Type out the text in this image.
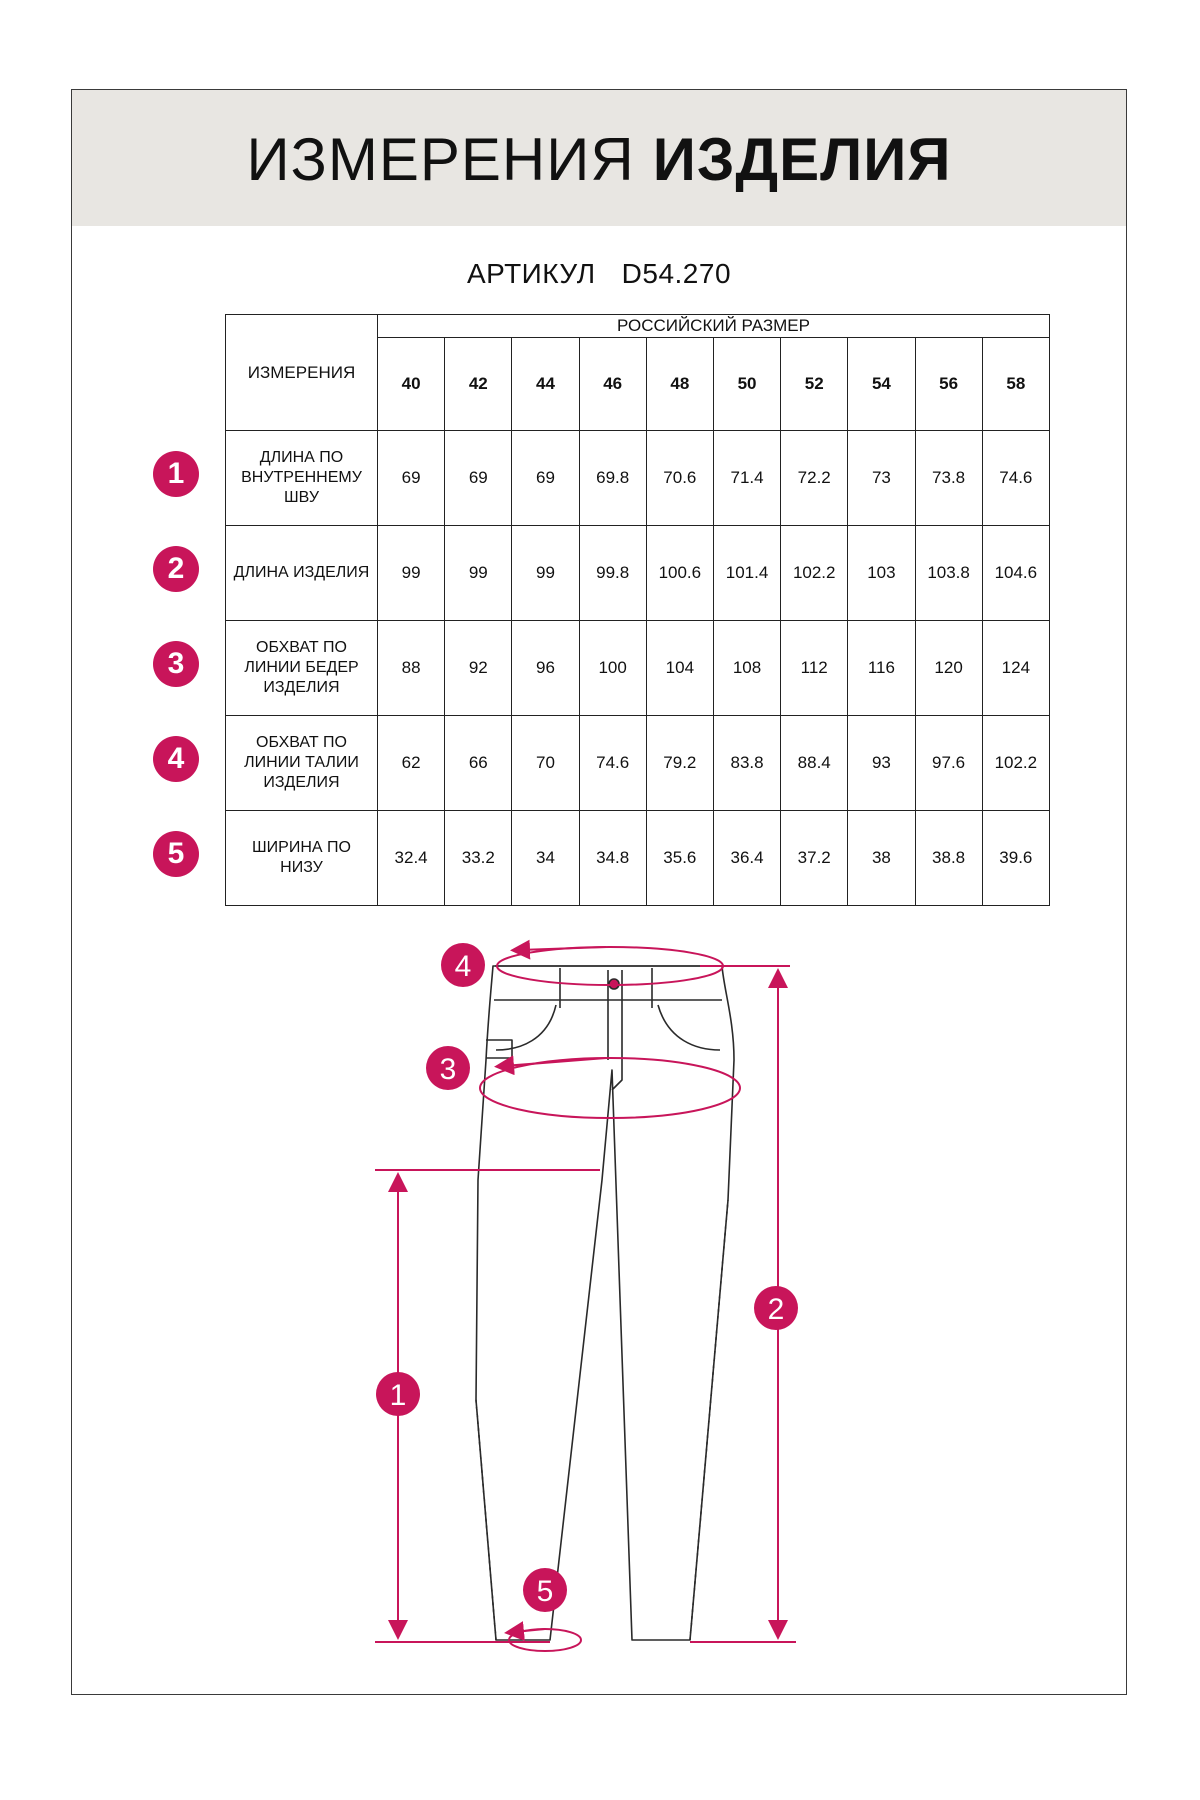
ИЗМЕРЕНИЯ ИЗДЕЛИЯ
АРТИКУЛ D54.270
ИЗМЕРЕНИЯ	РОССИЙСКИЙ РАЗМЕР									
	40	42	44	46	48	50	52	54	56	58
ДЛИНА ПО ВНУТРЕННЕМУ ШВУ	69	69	69	69.8	70.6	71.4	72.2	73	73.8	74.6
ДЛИНА ИЗДЕЛИЯ	99	99	99	99.8	100.6	101.4	102.2	103	103.8	104.6
ОБХВАТ ПО ЛИНИИ БЕДЕР ИЗДЕЛИЯ	88	92	96	100	104	108	112	116	120	124
ОБХВАТ ПО ЛИНИИ ТАЛИИ ИЗДЕЛИЯ	62	66	70	74.6	79.2	83.8	88.4	93	97.6	102.2
ШИРИНА ПО НИЗУ	32.4	33.2	34	34.8	35.6	36.4	37.2	38	38.8	39.6
1
2
3
4
5
4
3
2
1
5
